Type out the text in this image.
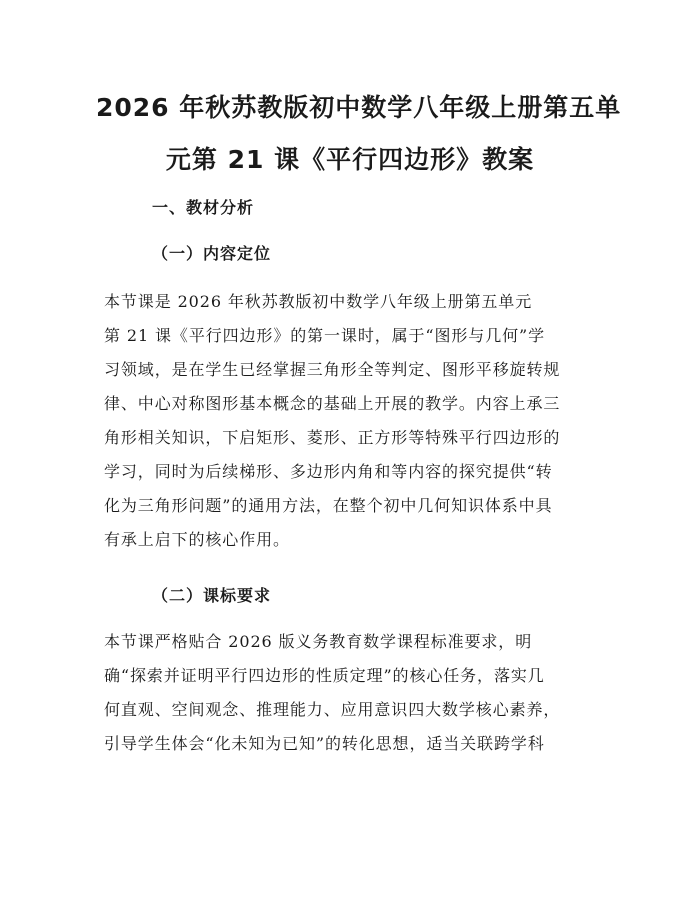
2026 年秋苏教版初中数学八年级上册第五单
元第 21 课《平行四边形》教案
一、教材分析
（一）内容定位
本节课是 2026 年秋苏教版初中数学八年级上册第五单元
第 21 课《平行四边形》的第一课时，属于“图形与几何”学
习领域，是在学生已经掌握三角形全等判定、图形平移旋转规
律、中心对称图形基本概念的基础上开展的教学。内容上承三
角形相关知识，下启矩形、菱形、正方形等特殊平行四边形的
学习，同时为后续梯形、多边形内角和等内容的探究提供“转
化为三角形问题”的通用方法，在整个初中几何知识体系中具
有承上启下的核心作用。
（二）课标要求
本节课严格贴合 2026 版义务教育数学课程标准要求，明
确“探索并证明平行四边形的性质定理”的核心任务，落实几
何直观、空间观念、推理能力、应用意识四大数学核心素养，
引导学生体会“化未知为已知”的转化思想，适当关联跨学科
